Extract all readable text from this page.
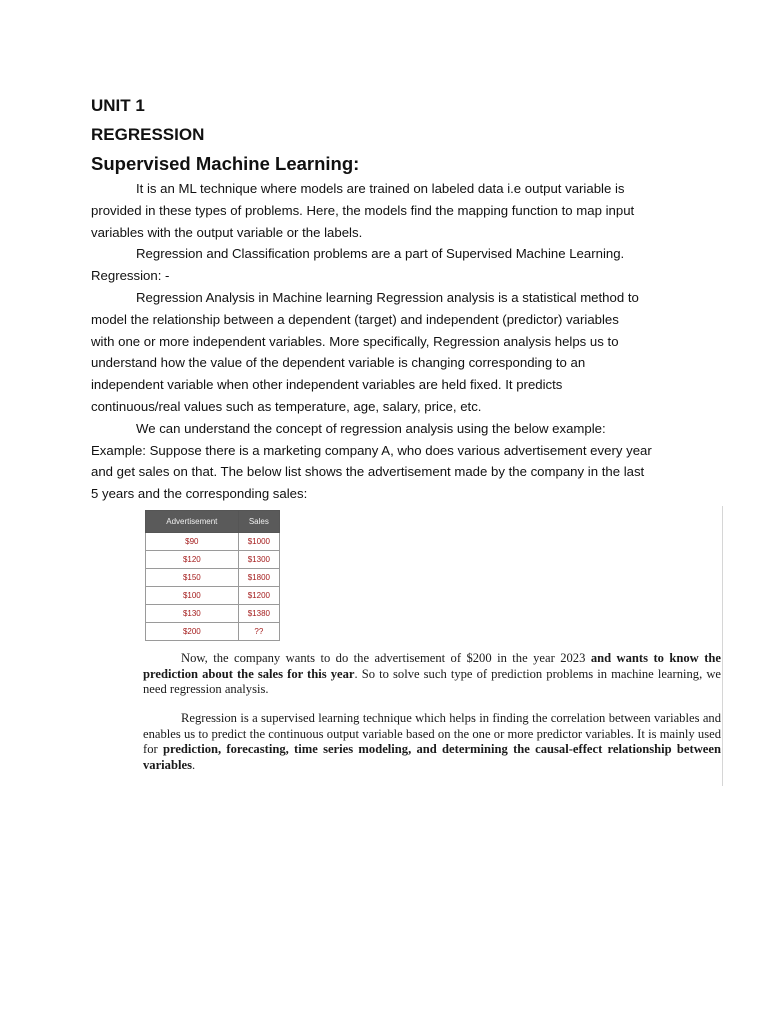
UNIT 1
REGRESSION
Supervised Machine Learning:
It is an ML technique where models are trained on labeled data i.e output variable is
provided in these types of problems. Here, the models find the mapping function to map input
variables with the output variable or the labels.
Regression and Classification problems are a part of Supervised Machine Learning.
Regression: -
Regression Analysis in Machine learning Regression analysis is a statistical method to
model the relationship between a dependent (target) and independent (predictor) variables
with one or more independent variables. More specifically, Regression analysis helps us to
understand how the value of the dependent variable is changing corresponding to an
independent variable when other independent variables are held fixed. It predicts
continuous/real values such as temperature, age, salary, price, etc.
We can understand the concept of regression analysis using the below example:
Example: Suppose there is a marketing company A, who does various advertisement every year
and get sales on that. The below list shows the advertisement made by the company in the last
5 years and the corresponding sales:
Advertisement	Sales
$90	$1000
$120	$1300
$150	$1800
$100	$1200
$130	$1380
$200	??
Now, the company wants to do the advertisement of $200 in the year 2023 and wants to know the prediction about the sales for this year. So to solve such type of prediction problems in machine learning, we need regression analysis.
Regression is a supervised learning technique which helps in finding the correlation between variables and enables us to predict the continuous output variable based on the one or more predictor variables. It is mainly used for prediction, forecasting, time series modeling, and determining the causal-effect relationship between variables.
